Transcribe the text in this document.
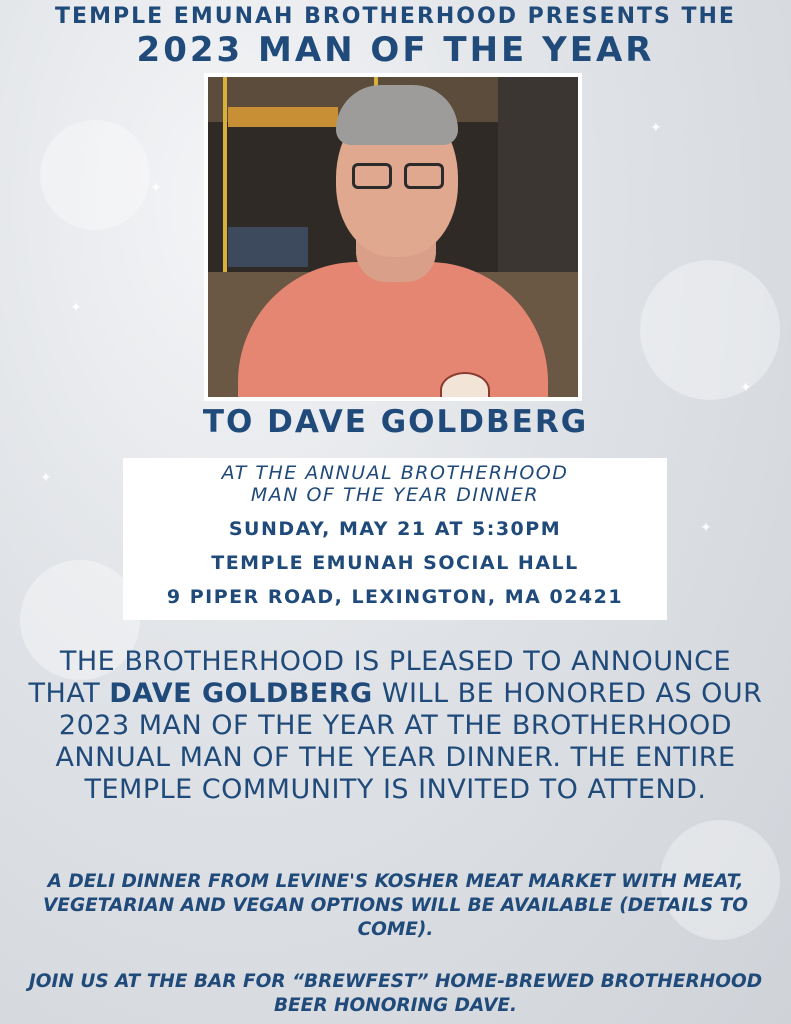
✦
✦
✦
✦
✦
✦
TEMPLE EMUNAH BROTHERHOOD PRESENTS THE
2023 MAN OF THE YEAR
TO DAVE GOLDBERG
AT THE ANNUAL BROTHERHOOD
MAN OF THE YEAR DINNER
SUNDAY, MAY 21 AT 5:30PM
TEMPLE EMUNAH SOCIAL HALL
9 PIPER ROAD, LEXINGTON, MA 02421
THE BROTHERHOOD IS PLEASED TO ANNOUNCE THAT DAVE GOLDBERG WILL BE HONORED AS OUR 2023 MAN OF THE YEAR AT THE BROTHERHOOD ANNUAL MAN OF THE YEAR DINNER. THE ENTIRE TEMPLE COMMUNITY IS INVITED TO ATTEND.
A DELI DINNER FROM LEVINE'S KOSHER MEAT MARKET WITH MEAT, VEGETARIAN AND VEGAN OPTIONS WILL BE AVAILABLE (DETAILS TO COME).
JOIN US AT THE BAR FOR “BREWFEST” HOME-BREWED BROTHERHOOD BEER HONORING DAVE.
